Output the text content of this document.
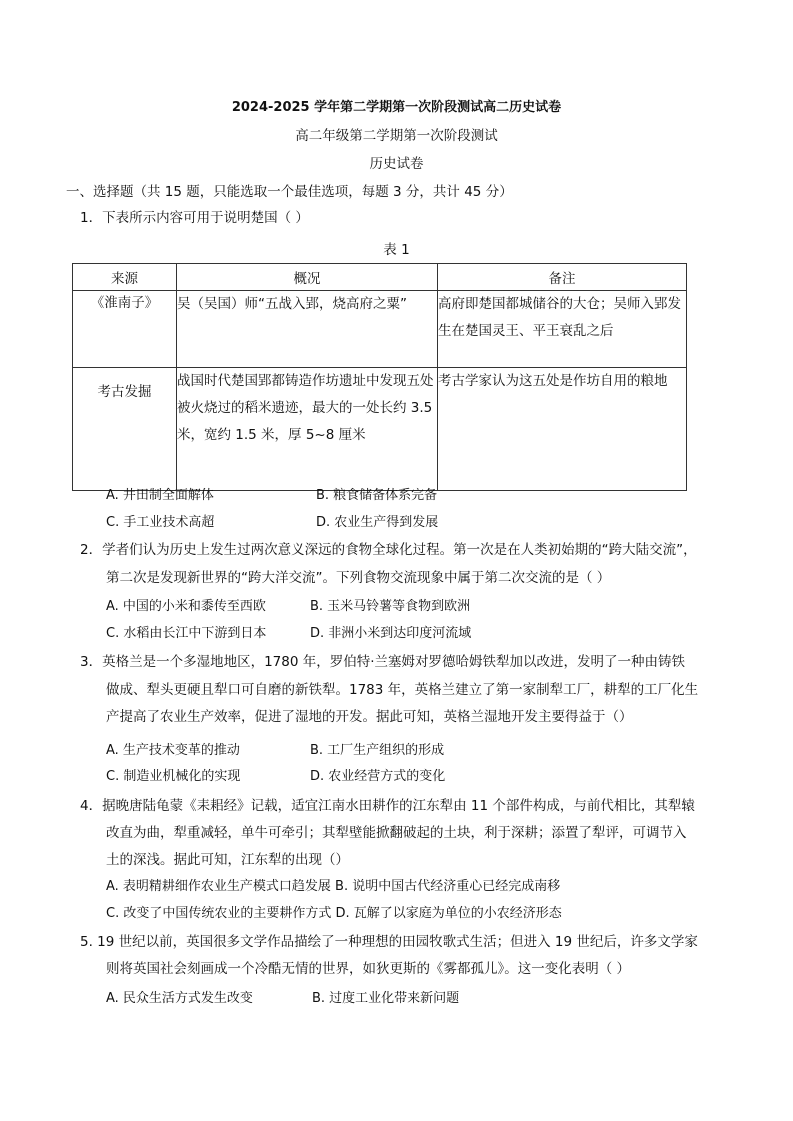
2024-2025 学年第二学期第一次阶段测试高二历史试卷
高二年级第二学期第一次阶段测试
历史试卷
一、选择题（共 15 题，只能选取一个最佳选项，每题 3 分，共计 45 分）
1．下表所示内容可用于说明楚国（ ）
表 1
来源	概况	备注
《淮南子》	吴（吴国）师“五战入郢，烧高府之粟”	高府即楚国都城储谷的大仓；吴师入郢发生在楚国灵王、平王衰乱之后
考古发掘	战国时代楚国郢都铸造作坊遗址中发现五处被火烧过的稻米遗迹，最大的一处长约 3.5 米，宽约 1.5 米，厚 5~8 厘米	考古学家认为这五处是作坊自用的粮地
A. 井田制全面解体	B. 粮食储备体系完备
C. 手工业技术高超	D. 农业生产得到发展
2．学者们认为历史上发生过两次意义深远的食物全球化过程。第一次是在人类初始期的“跨大陆交流”，
第二次是发现新世界的“跨大洋交流”。下列食物交流现象中属于第二次交流的是（ ）
A. 中国的小米和黍传至西欧	B. 玉米马铃薯等食物到欧洲
C. 水稻由长江中下游到日本	D. 非洲小米到达印度河流域
3．英格兰是一个多湿地地区，1780 年，罗伯特·兰塞姆对罗德哈姆铁犁加以改进，发明了一种由铸铁
做成、犁头更硬且犁口可自磨的新铁犁。1783 年，英格兰建立了第一家制犁工厂，耕犁的工厂化生
产提高了农业生产效率，促进了湿地的开发。据此可知，英格兰湿地开发主要得益于（）
A. 生产技术变革的推动	B. 工厂生产组织的形成
C. 制造业机械化的实现	D. 农业经营方式的变化
4．据晚唐陆龟蒙《耒耜经》记载，适宜江南水田耕作的江东犁由 11 个部件构成，与前代相比，其犁辕
改直为曲，犁重减轻，单牛可牵引；其犁壁能掀翻破起的土块，利于深耕；添置了犁评，可调节入
土的深浅。据此可知，江东犁的出现（）
A. 表明精耕细作农业生产模式口趋发展 B. 说明中国古代经济重心已经完成南移
C. 改变了中国传统农业的主要耕作方式 D. 瓦解了以家庭为单位的小农经济形态
5. 19 世纪以前，英国很多文学作品描绘了一种理想的田园牧歌式生活；但进入 19 世纪后，许多文学家
则将英国社会刻画成一个冷酷无情的世界，如狄更斯的《雾都孤儿》。这一变化表明（ ）
A. 民众生活方式发生改变	B. 过度工业化带来新问题
